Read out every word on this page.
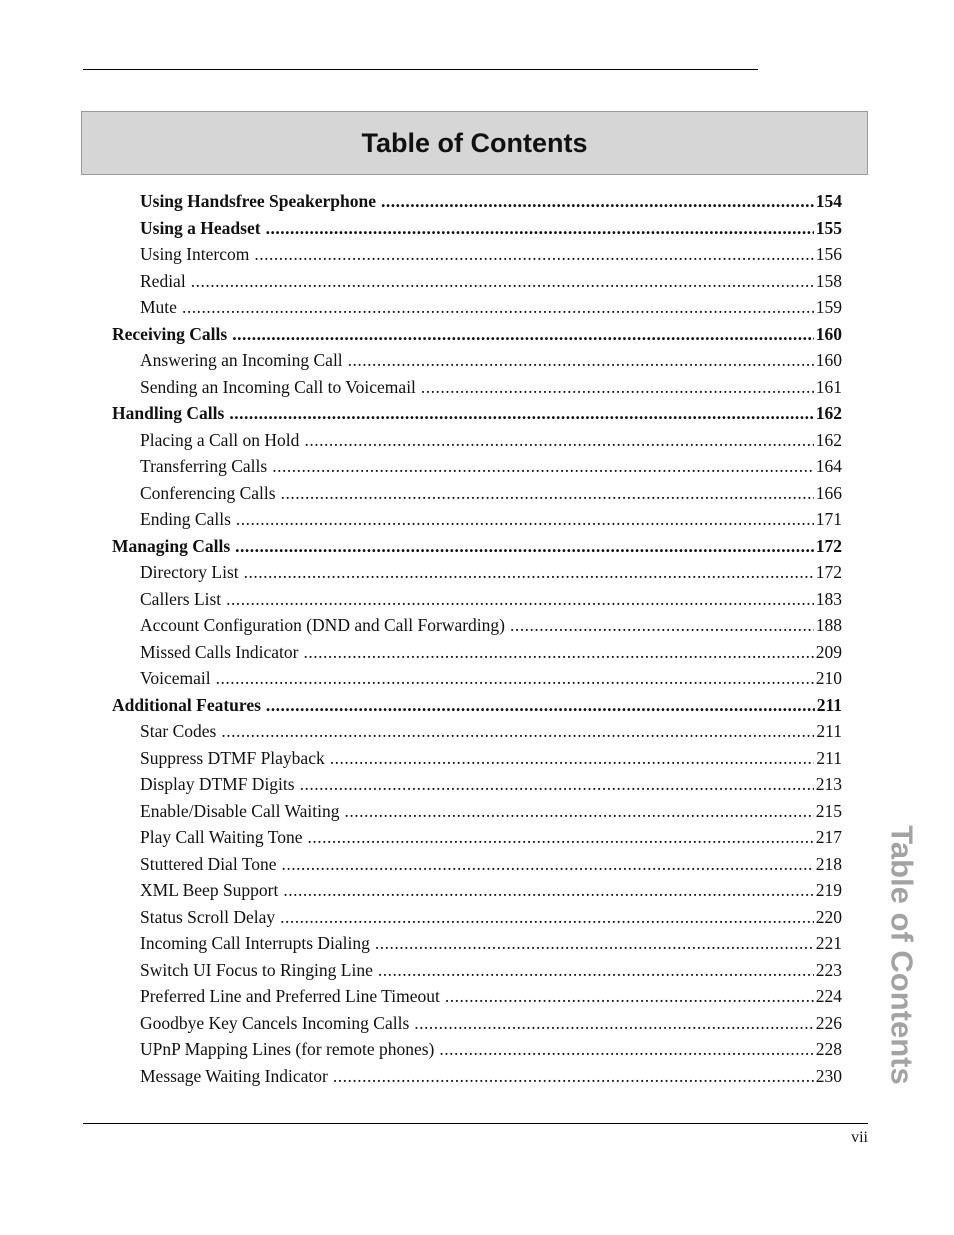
Table of Contents
Using Handsfree Speakerphone .....	154
Using a Headset .....	155
Using Intercom .....	156
Redial .....	158
Mute .....	159
Receiving Calls .....	160
Answering an Incoming Call .....	160
Sending an Incoming Call to Voicemail .....	161
Handling Calls .....	162
Placing a Call on Hold .....	162
Transferring Calls .....	164
Conferencing Calls .....	166
Ending Calls .....	171
Managing Calls .....	172
Directory List .....	172
Callers List .....	183
Account Configuration (DND and Call Forwarding) .....	188
Missed Calls Indicator .....	209
Voicemail .....	210
Additional Features .....	211
Star Codes .....	211
Suppress DTMF Playback .....	211
Display DTMF Digits .....	213
Enable/Disable Call Waiting .....	215
Play Call Waiting Tone .....	217
Stuttered Dial Tone .....	218
XML Beep Support .....	219
Status Scroll Delay .....	220
Incoming Call Interrupts Dialing .....	221
Switch UI Focus to Ringing Line .....	223
Preferred Line and Preferred Line Timeout .....	224
Goodbye Key Cancels Incoming Calls .....	226
UPnP Mapping Lines (for remote phones) .....	228
Message Waiting Indicator .....	230 Table of Contents
vii
